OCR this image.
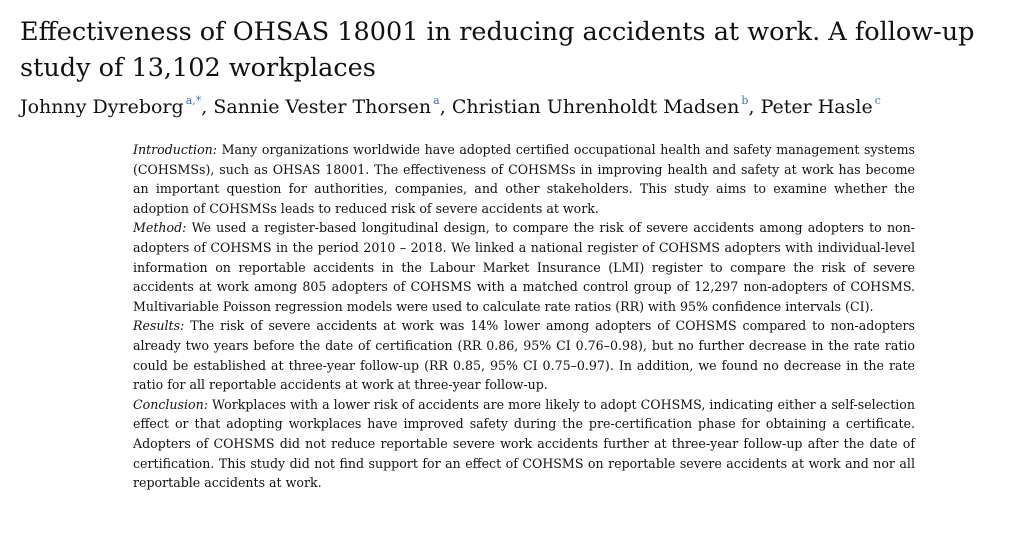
Effectiveness of OHSAS 18001 in reducing accidents at work. A follow-up study of 13,102 workplaces
Johnny Dyreborg $^{a,*}$, Sannie Vester Thorsen $^a$, Christian Uhrenholdt Madsen $^b$, Peter Hasle $^c$

Introduction: Many organizations worldwide have adopted certified occupational health and safety management systems (COHSMSs), such as OHSAS 18001. The effectiveness of COHSMSs in improving health and safety at work has become an important question for authorities, companies, and other stakeholders. This study aims to examine whether the adoption of COHSMSs leads to reduced risk of severe accidents at work.

Method: We used a register-based longitudinal design, to compare the risk of severe accidents among adopters to non-adopters of COHSMS in the period 2010 – 2018. We linked a national register of COHSMS adopters with individual-level information on reportable accidents in the Labour Market Insurance (LMI) register to compare the risk of severe accidents at work among 805 adopters of COHSMS with a matched control group of 12,297 non-adopters of COHSMS. Multivariable Poisson regression models were used to calculate rate ratios (RR) with 95% confidence intervals (CI).

Results: The risk of severe accidents at work was 14% lower among adopters of COHSMS compared to non-adopters already two years before the date of certification (RR 0.86, 95% CI 0.76–0.98), but no further decrease in the rate ratio could be established at three-year follow-up (RR 0.85, 95% CI 0.75–0.97). In addition, we found no decrease in the rate ratio for all reportable accidents at work at three-year follow-up.

Conclusion: Workplaces with a lower risk of accidents are more likely to adopt COHSMS, indicating either a self-selection effect or that adopting workplaces have improved safety during the pre-certification phase for obtaining a certificate. Adopters of COHSMS did not reduce reportable severe work accidents further at three-year follow-up after the date of certification. This study did not find support for an effect of COHSMS on reportable severe accidents at work and nor all reportable accidents at work.
